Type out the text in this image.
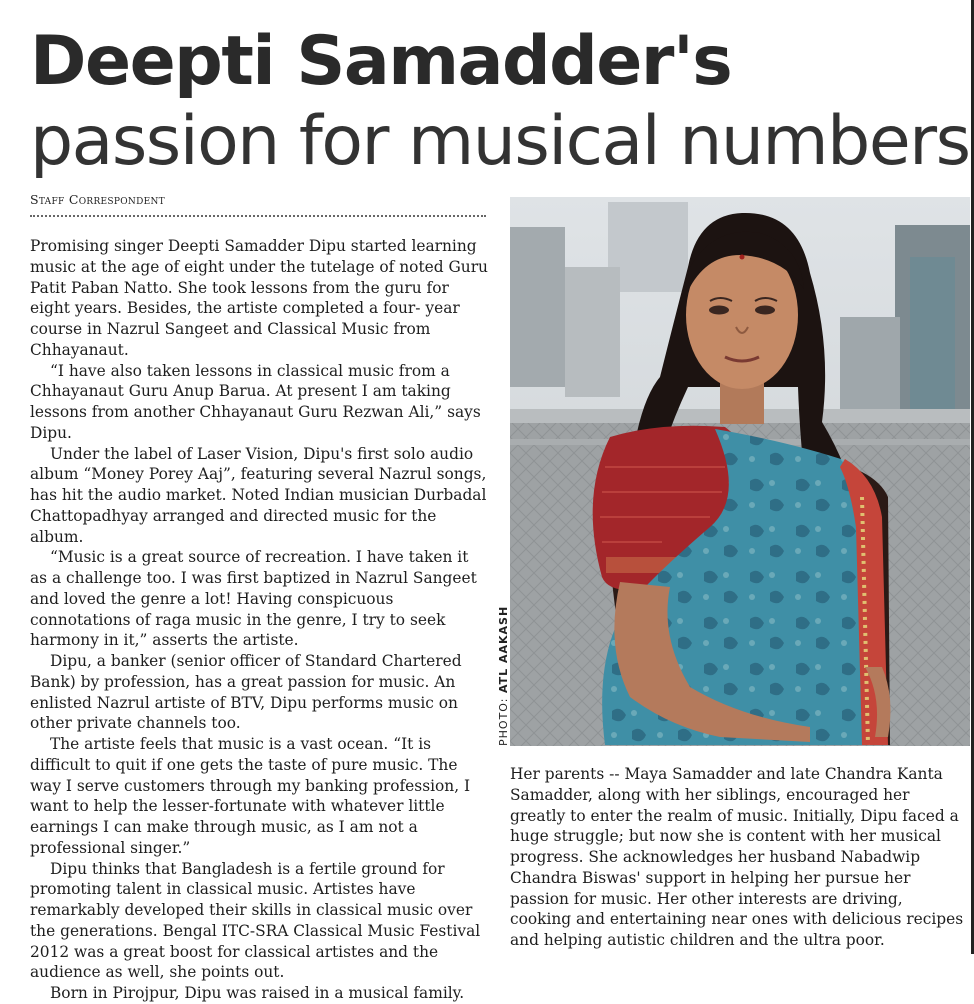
Deepti Samadder's passion for musical numbers
Staff Correspondent

Promising singer Deepti Samadder Dipu started learning music at the age of eight under the tutelage of noted Guru Patit Paban Natto. She took lessons from the guru for eight years. Besides, the artiste completed a four- year course in Nazrul Sangeet and Classical Music from Chhayanaut.

“I have also taken lessons in classical music from a Chhayanaut Guru Anup Barua. At present I am taking lessons from another Chhayanaut Guru Rezwan Ali,” says Dipu.

Under the label of Laser Vision, Dipu's first solo audio album “Money Porey Aaj”, featuring several Nazrul songs, has hit the audio market. Noted Indian musician Durbadal Chattopadhyay arranged and directed music for the album.

“Music is a great source of recreation. I have taken it as a challenge too. I was first baptized in Nazrul Sangeet and loved the genre a lot! Having conspicuous connotations of raga music in the genre, I try to seek harmony in it,” asserts the artiste.

Dipu, a banker (senior officer of Standard Chartered Bank) by profession, has a great passion for music. An enlisted Nazrul artiste of BTV, Dipu performs music on other private channels too.

The artiste feels that music is a vast ocean. “It is difficult to quit if one gets the taste of pure music. The way I serve customers through my banking profession, I want to help the lesser-fortunate with whatever little earnings I can make through music, as I am not a professional singer.”

Dipu thinks that Bangladesh is a fertile ground for promoting talent in classical music. Artistes have remarkably developed their skills in classical music over the generations. Bengal ITC-SRA Classical Music Festival 2012 was a great boost for classical artistes and the audience as well, she points out.

Born in Pirojpur, Dipu was raised in a musical family.

PHOTO: ATL AAKASH

Her parents -- Maya Samadder and late Chandra Kanta Samadder, along with her siblings, encouraged her greatly to enter the realm of music. Initially, Dipu faced a huge struggle; but now she is content with her musical progress. She acknowledges her husband Nabadwip Chandra Biswas' support in helping her pursue her passion for music. Her other interests are driving, cooking and entertaining near ones with delicious recipes and helping autistic children and the ultra poor.
